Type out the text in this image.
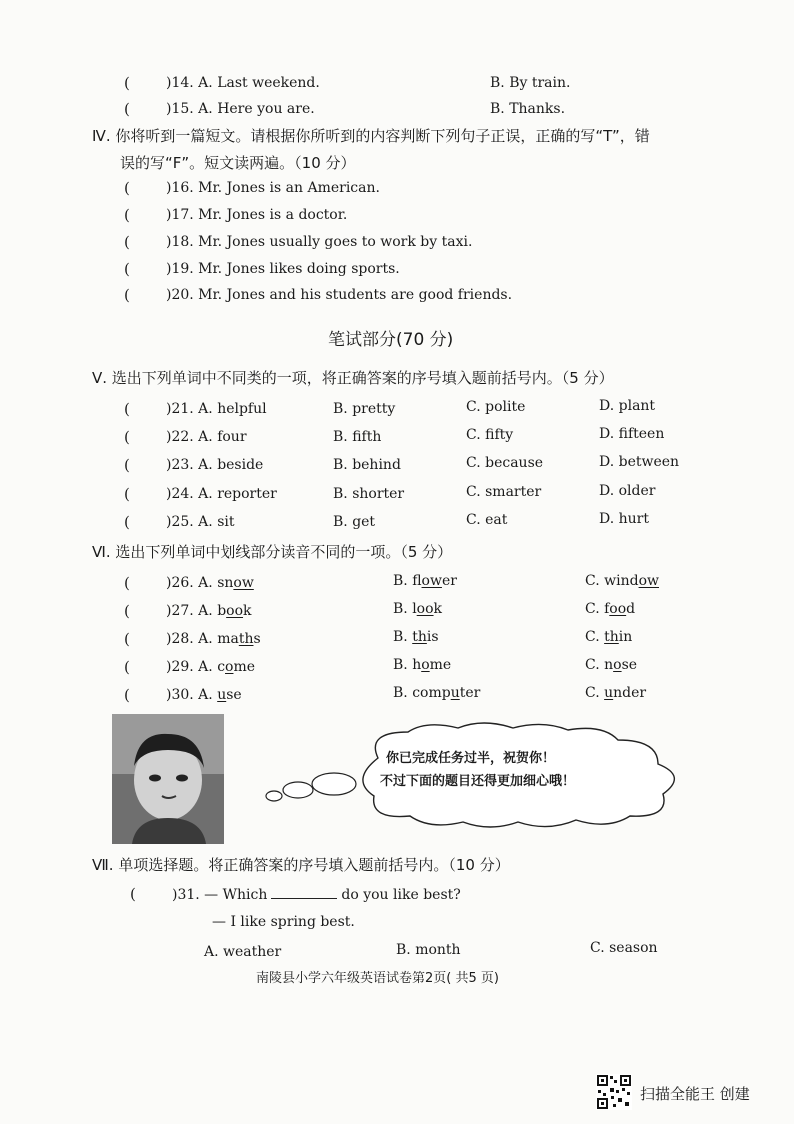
(	)14. A. Last weekend.	B. By train.
(	)15. A. Here you are.	B. Thanks.
Ⅳ. 你将听到一篇短文。请根据你所听到的内容判断下列句子正误，正确的写“T”，错
误的写“F”。短文读两遍。（10 分）
(	)16. Mr. Jones is an American.
(	)17. Mr. Jones is a doctor.
(	)18. Mr. Jones usually goes to work by taxi.
(	)19. Mr. Jones likes doing sports.
(	)20. Mr. Jones and his students are good friends.
笔试部分(70 分)
Ⅴ. 选出下列单词中不同类的一项，将正确答案的序号填入题前括号内。（5 分）
(	)21. A. helpful	B. pretty	C. polite	D. plant
(	)22. A. four	B. fifth	C. fifty	D. fifteen
(	)23. A. beside	B. behind	C. because	D. between
(	)24. A. reporter	B. shorter	C. smarter	D. older
(	)25. A. sit	B. get	C. eat	D. hurt
Ⅵ. 选出下列单词中划线部分读音不同的一项。（5 分）
(	)26. A. snow	B. flower	C. window
(	)27. A. book	B. look	C. food
(	)28. A. maths	B. this	C. thin
(	)29. A. come	B. home	C. nose
(	)30. A. use	B. computer	C. under
你已完成任务过半，祝贺你！
不过下面的题目还得更加细心哦！
Ⅶ. 单项选择题。将正确答案的序号填入题前括号内。（10 分）
(	)31. — Which	do you like best?
— I like spring best.
A. weather	B. month	C. season
南陵县小学六年级英语试卷第2页( 共5 页)
扫描全能王 创建
